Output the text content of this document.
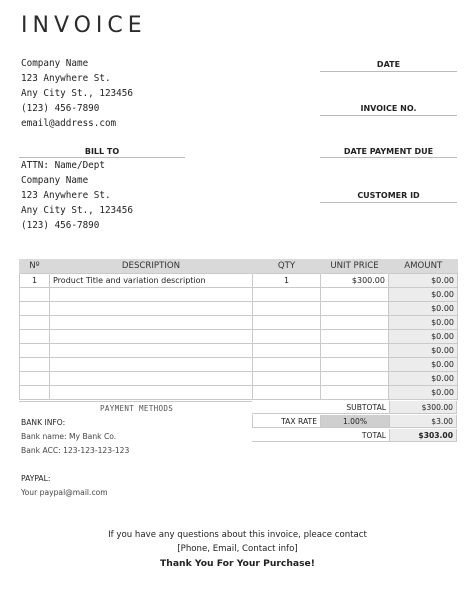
INVOICE
Company Name
123 Anywhere St.
Any City St., 123456
(123) 456-7890
email@address.com
DATE
INVOICE NO.
DATE PAYMENT DUE
CUSTOMER ID
BILL TO
ATTN: Name/Dept
Company Name
123 Anywhere St.
Any City St., 123456
(123) 456-7890
Nº	DESCRIPTION	QTY	UNIT PRICE	AMOUNT
1	Product Title and variation description	1	$300.00	$0.00
				$0.00
				$0.00
				$0.00
				$0.00
				$0.00
				$0.00
				$0.00
				$0.00
PAYMENT METHODS
BANK INFO:
Bank name: My Bank Co.
Bank ACC: 123-123-123-123
PAYPAL:
Your paypal@mail.com
SUBTOTAL	$300.00
TAX RATE	1.00%	$3.00
TOTAL	$303.00
If you have any questions about this invoice, pleace contact
[Phone, Email, Contact info]
Thank You For Your Purchase!
